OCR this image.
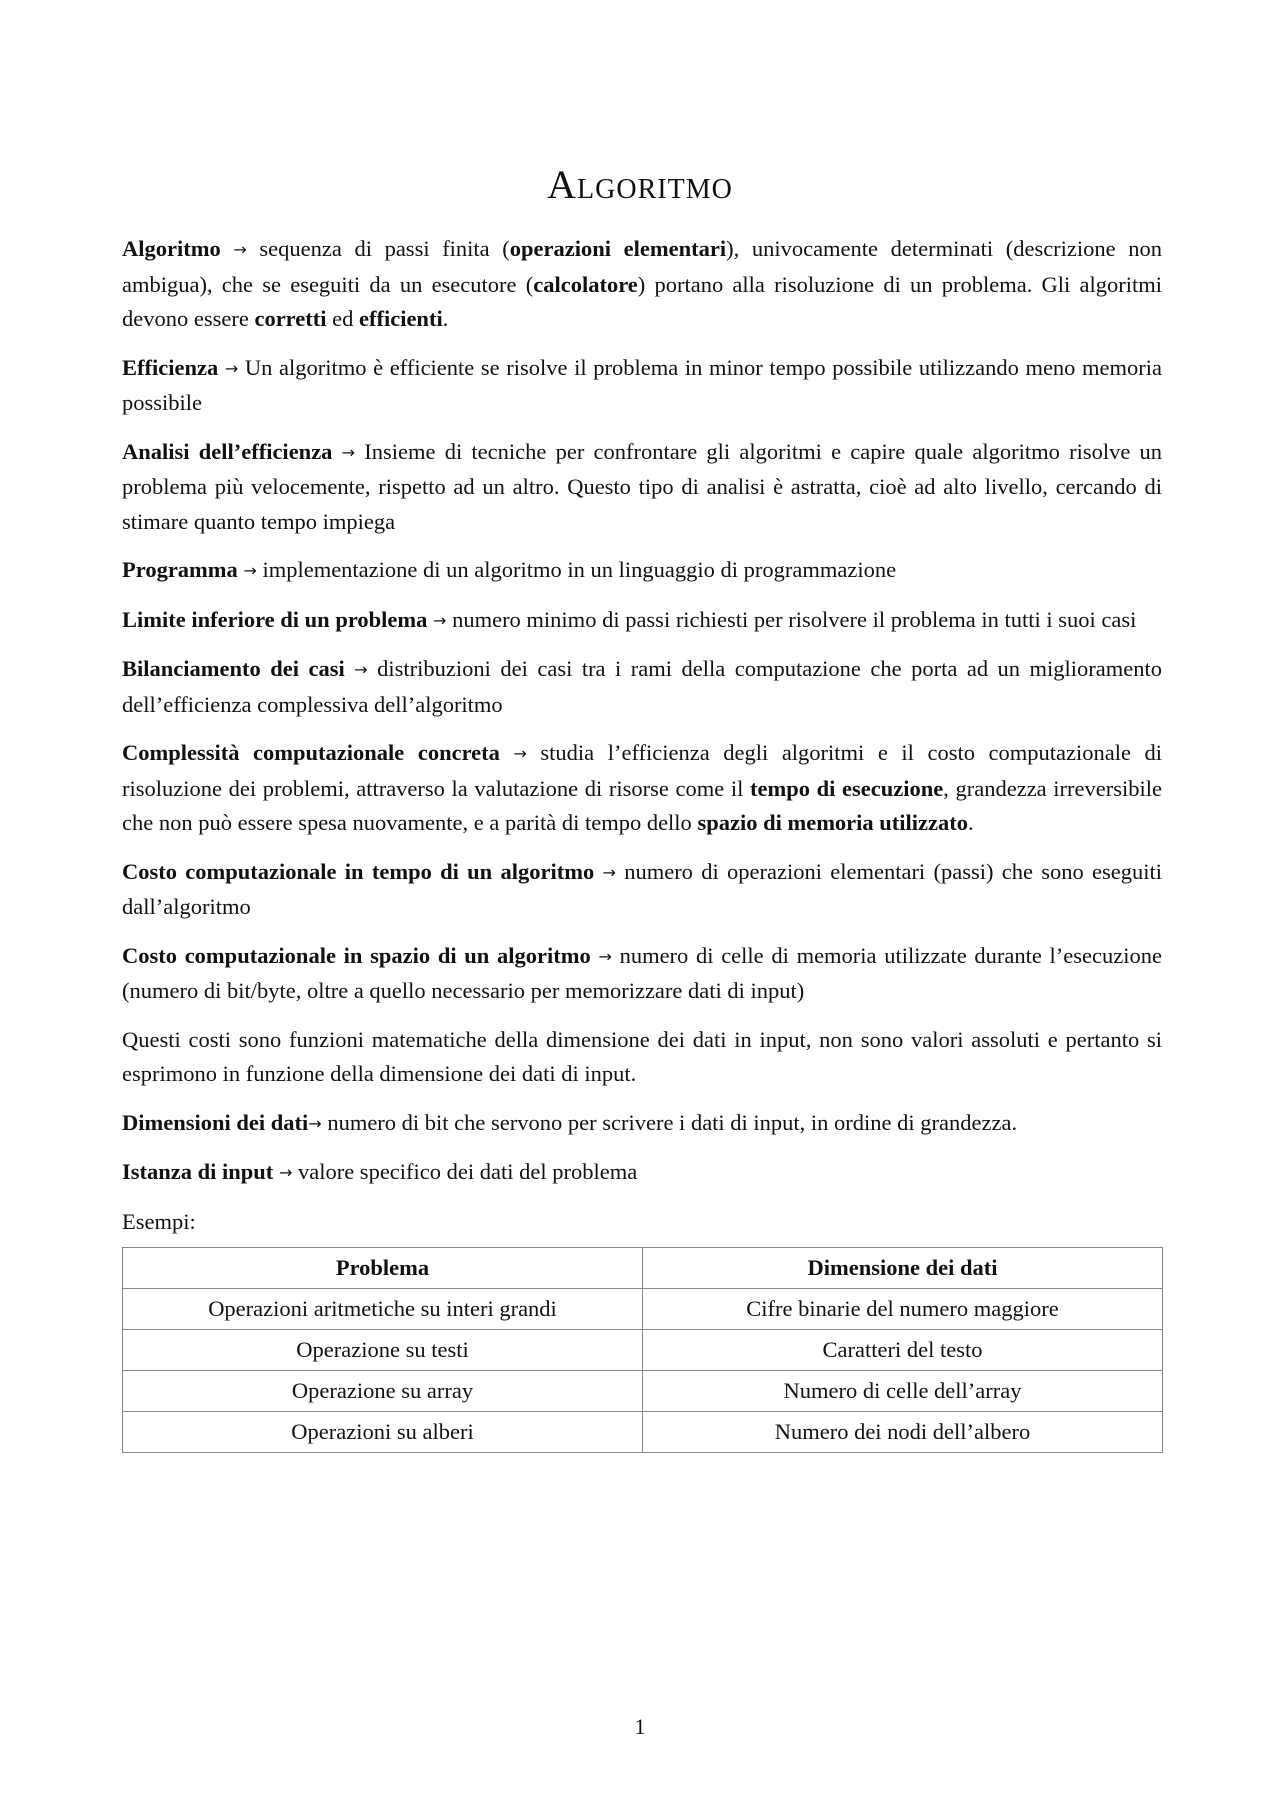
Algoritmo

Algoritmo → sequenza di passi finita (operazioni elementari), univocamente determinati (descrizione non ambigua), che se eseguiti da un esecutore (calcolatore) portano alla risoluzione di un problema. Gli algoritmi devono essere corretti ed efficienti.

Efficienza → Un algoritmo è efficiente se risolve il problema in minor tempo possibile utilizzando meno memoria possibile

Analisi dell’efficienza → Insieme di tecniche per confrontare gli algoritmi e capire quale algoritmo risolve un problema più velocemente, rispetto ad un altro. Questo tipo di analisi è astratta, cioè ad alto livello, cercando di stimare quanto tempo impiega

Programma → implementazione di un algoritmo in un linguaggio di programmazione

Limite inferiore di un problema → numero minimo di passi richiesti per risolvere il problema in tutti i suoi casi

Bilanciamento dei casi → distribuzioni dei casi tra i rami della computazione che porta ad un miglioramento dell’efficienza complessiva dell’algoritmo

Complessità computazionale concreta → studia l’efficienza degli algoritmi e il costo computazionale di risoluzione dei problemi, attraverso la valutazione di risorse come il tempo di esecuzione, grandezza irreversibile che non può essere spesa nuovamente, e a parità di tempo dello spazio di memoria utilizzato.

Costo computazionale in tempo di un algoritmo → numero di operazioni elementari (passi) che sono eseguiti dall’algoritmo

Costo computazionale in spazio di un algoritmo → numero di celle di memoria utilizzate durante l’esecuzione (numero di bit/byte, oltre a quello necessario per memorizzare dati di input)

Questi costi sono funzioni matematiche della dimensione dei dati in input, non sono valori assoluti e pertanto si esprimono in funzione della dimensione dei dati di input.

Dimensioni dei dati→ numero di bit che servono per scrivere i dati di input, in ordine di grandezza.

Istanza di input → valore specifico dei dati del problema

Esempi:

Problema	Dimensione dei dati
Operazioni aritmetiche su interi grandi	Cifre binarie del numero maggiore
Operazione su testi	Caratteri del testo
Operazione su array	Numero di celle dell’array
Operazioni su alberi	Numero dei nodi dell’albero
1
